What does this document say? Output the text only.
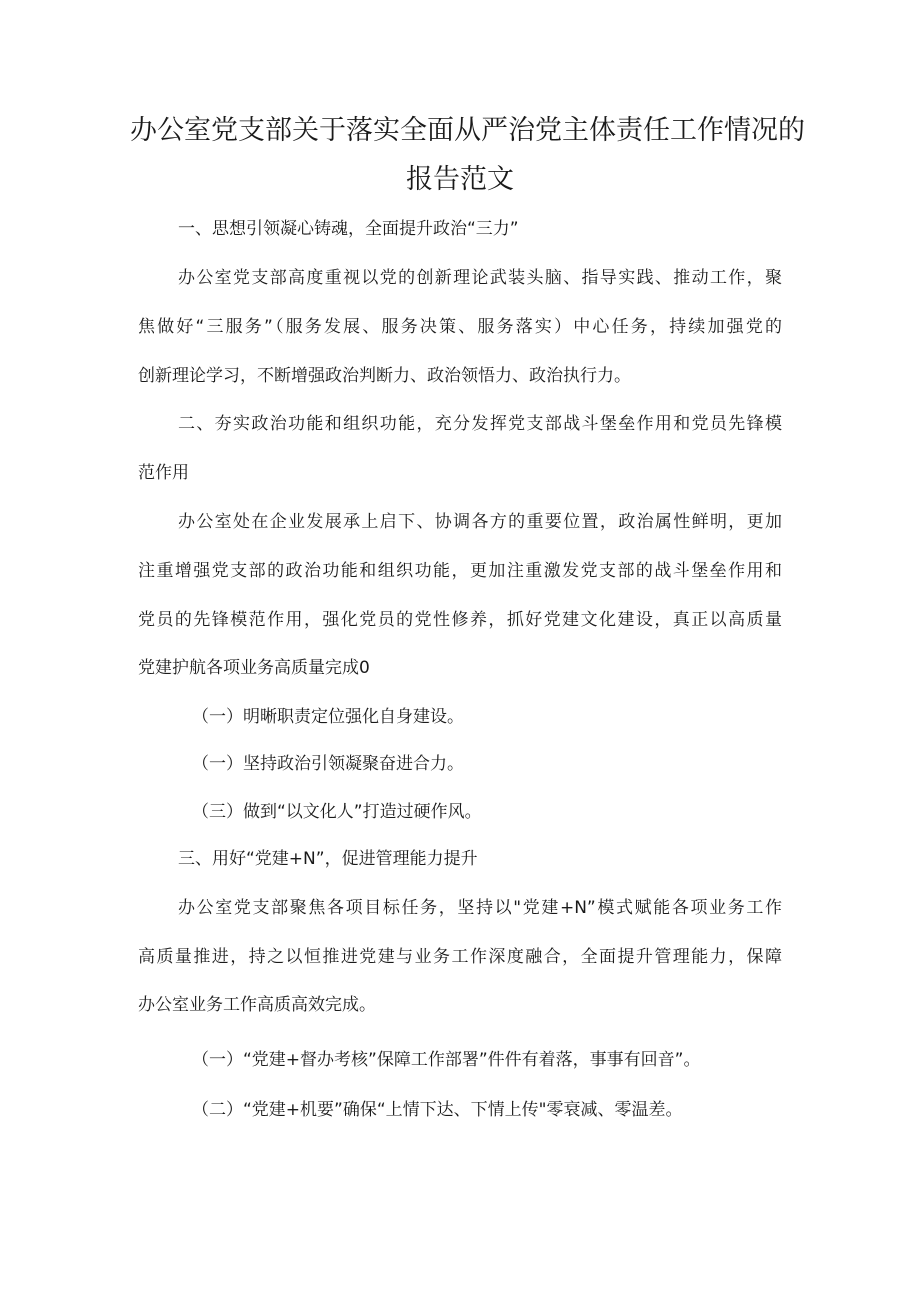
办公室党支部关于落实全面从严治党主体责任工作情况的
报告范文

一、思想引领凝心铸魂，全面提升政治“三力”

办公室党支部高度重视以党的创新理论武装头脑、指导实践、推动工作，聚

焦做好“三服务”（服务发展、服务决策、服务落实）中心任务，持续加强党的

创新理论学习，不断增强政治判断力、政治领悟力、政治执行力。

二、夯实政治功能和组织功能，充分发挥党支部战斗堡垒作用和党员先锋模

范作用

办公室处在企业发展承上启下、协调各方的重要位置，政治属性鲜明，更加

注重增强党支部的政治功能和组织功能，更加注重激发党支部的战斗堡垒作用和

党员的先锋模范作用，强化党员的党性修养，抓好党建文化建设，真正以高质量

党建护航各项业务高质量完成0

（一）明晰职责定位强化自身建设。

（一）坚持政治引领凝聚奋进合力。

（三）做到“以文化人”打造过硬作风。

三、用好“党建+N”，促进管理能力提升

办公室党支部聚焦各项目标任务，坚持以"党建+N”模式赋能各项业务工作

高质量推进，持之以恒推进党建与业务工作深度融合，全面提升管理能力，保障

办公室业务工作高质高效完成。

（一）“党建+督办考核”保障工作部署”件件有着落，事事有回音”。

（二）“党建+机要”确保“上情下达、下情上传"零衰减、零温差。
